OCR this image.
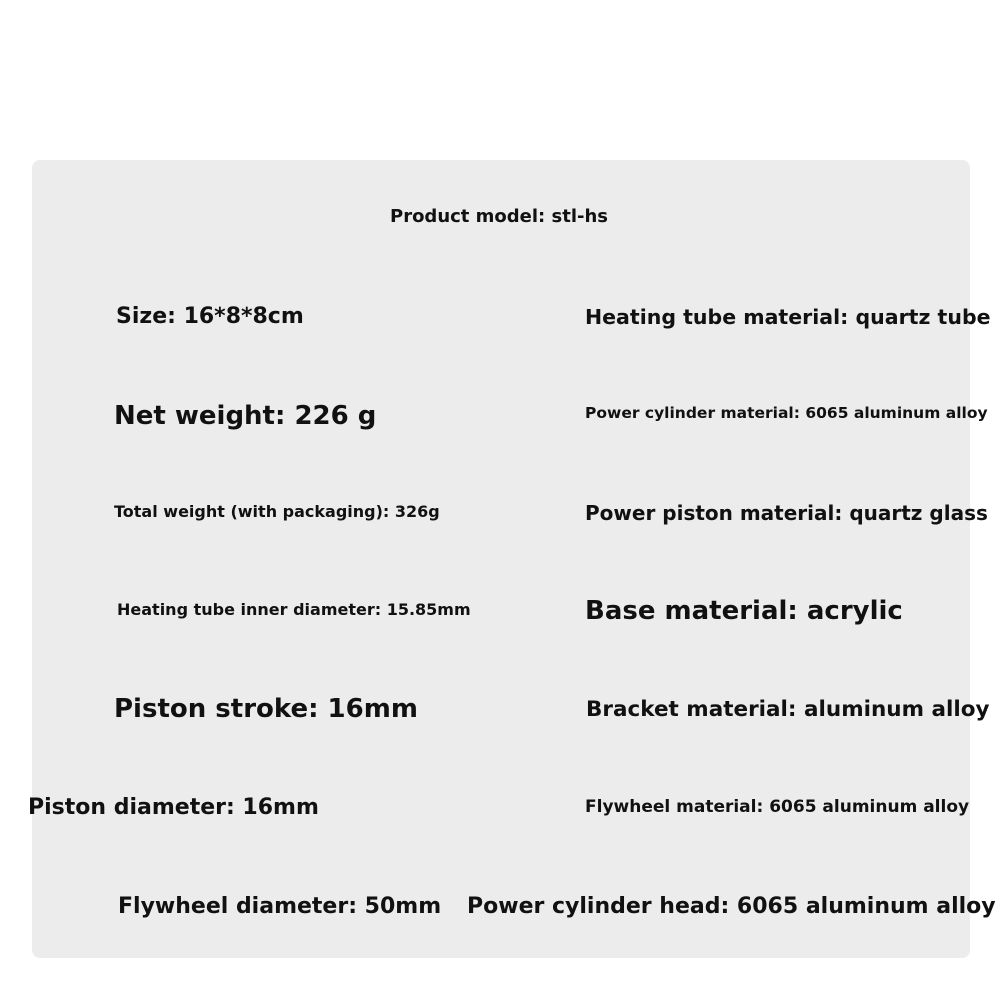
Product model: stl-hs
Size: 16*8*8cm
Net weight: 226 g
Total weight (with packaging): 326g
Heating tube inner diameter: 15.85mm
Piston stroke: 16mm
Piston diameter: 16mm
Flywheel diameter: 50mm
Heating tube material: quartz tube
Power cylinder material: 6065 aluminum alloy
Power piston material: quartz glass
Base material: acrylic
Bracket material: aluminum alloy
Flywheel material: 6065 aluminum alloy
Power cylinder head: 6065 aluminum alloy
